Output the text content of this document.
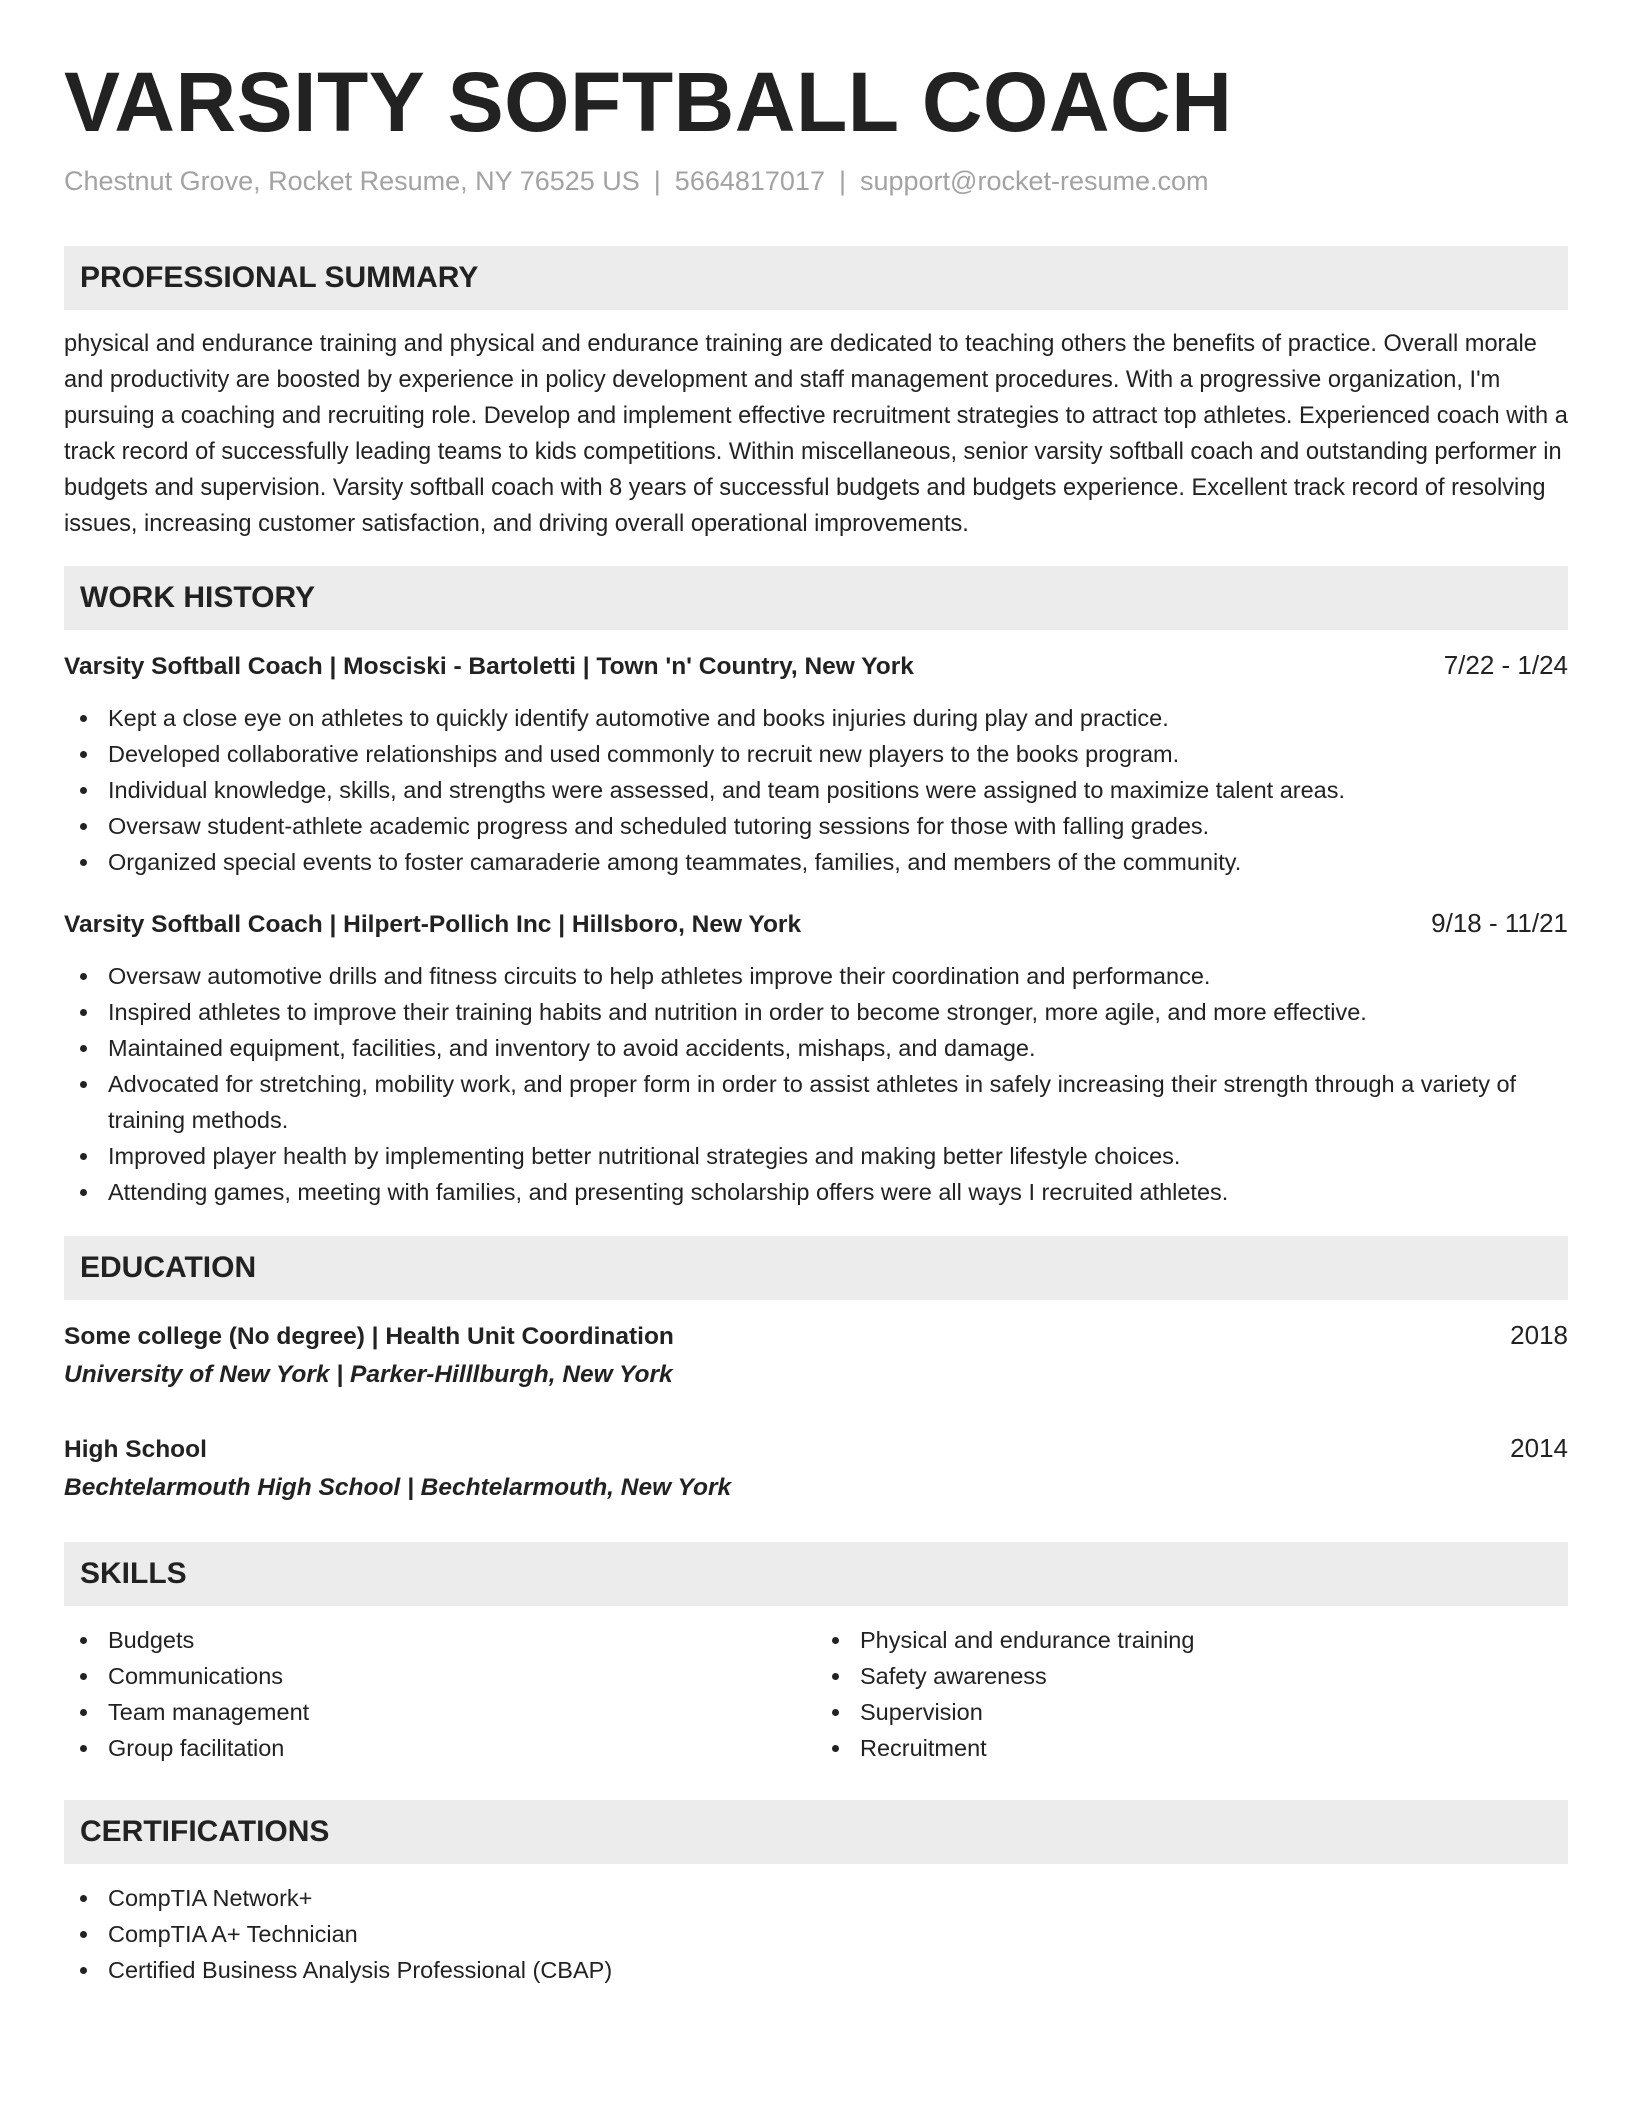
VARSITY SOFTBALL COACH
Chestnut Grove, Rocket Resume, NY 76525 US | 5664817017 | support@rocket-resume.com
PROFESSIONAL SUMMARY

physical and endurance training and physical and endurance training are dedicated to teaching others the benefits of practice. Overall morale and productivity are boosted by experience in policy development and staff management procedures. With a progressive organization, I'm pursuing a coaching and recruiting role. Develop and implement effective recruitment strategies to attract top athletes. Experienced coach with a track record of successfully leading teams to kids competitions. Within miscellaneous, senior varsity softball coach and outstanding performer in budgets and supervision. Varsity softball coach with 8 years of successful budgets and budgets experience. Excellent track record of resolving issues, increasing customer satisfaction, and driving overall operational improvements.

WORK HISTORY
Varsity Softball Coach | Mosciski - Bartoletti | Town 'n' Country, New York	7/22 - 1/24
Kept a close eye on athletes to quickly identify automotive and books injuries during play and practice.
Developed collaborative relationships and used commonly to recruit new players to the books program.
Individual knowledge, skills, and strengths were assessed, and team positions were assigned to maximize talent areas.
Oversaw student-athlete academic progress and scheduled tutoring sessions for those with falling grades.
Organized special events to foster camaraderie among teammates, families, and members of the community.
Varsity Softball Coach | Hilpert-Pollich Inc | Hillsboro, New York	9/18 - 11/21
Oversaw automotive drills and fitness circuits to help athletes improve their coordination and performance.
Inspired athletes to improve their training habits and nutrition in order to become stronger, more agile, and more effective.
Maintained equipment, facilities, and inventory to avoid accidents, mishaps, and damage.
Advocated for stretching, mobility work, and proper form in order to assist athletes in safely increasing their strength through a variety of training methods.
Improved player health by implementing better nutritional strategies and making better lifestyle choices.
Attending games, meeting with families, and presenting scholarship offers were all ways I recruited athletes.
EDUCATION
Some college (No degree) | Health Unit Coordination	2018
University of New York | Parker-Hilllburgh, New York
High School	2014
Bechtelarmouth High School | Bechtelarmouth, New York
SKILLS
Budgets
Communications
Team management
Group facilitation
Physical and endurance training
Safety awareness
Supervision
Recruitment
CERTIFICATIONS
CompTIA Network+
CompTIA A+ Technician
Certified Business Analysis Professional (CBAP)
